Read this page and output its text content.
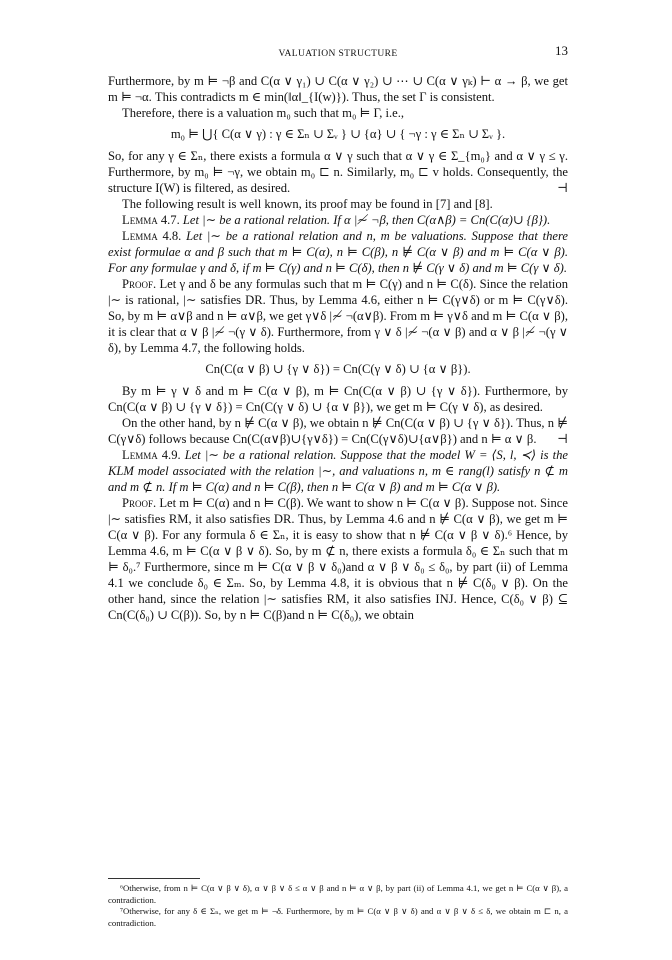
VALUATION STRUCTURE	13

Furthermore, by m ⊨ ¬β and C(α ∨ γ₁) ∪ C(α ∨ γ₂) ∪ ⋯ ∪ C(α ∨ γₖ) ⊢ α → β, we get m ⊨ ¬α. This contradicts m ∈ min(‖α‖_{I(w)}). Thus, the set Γ is consistent.

Therefore, there is a valuation m₀ such that m₀ ⊨ Γ, i.e.,

m₀ ⊨ ⋃{ C(α ∨ γ) : γ ∈ Σₙ ∪ Σᵥ } ∪ {α} ∪ { ¬γ : γ ∈ Σₙ ∪ Σᵥ }.

So, for any γ ∈ Σₙ, there exists a formula α ∨ γ such that α ∨ γ ∈ Σ_{m₀} and α ∨ γ ≤ γ. Furthermore, by m₀ ⊨ ¬γ, we obtain m₀ ⊏ n. Similarly, m₀ ⊏ v holds. Consequently, the structure I(W) is filtered, as desired.	⊣

The following result is well known, its proof may be found in [7] and [8].

Lemma 4.7. Let |∼ be a rational relation. If α |≁ ¬β, then C(α∧β) = Cn(C(α)∪ {β}).

Lemma 4.8. Let |∼ be a rational relation and n, m be valuations. Suppose that there exist formulae α and β such that m ⊨ C(α), n ⊨ C(β), n ⊭ C(α ∨ β) and m ⊨ C(α ∨ β). For any formulae γ and δ, if m ⊨ C(γ) and n ⊨ C(δ), then n ⊭ C(γ ∨ δ) and m ⊨ C(γ ∨ δ).

Proof. Let γ and δ be any formulas such that m ⊨ C(γ) and n ⊨ C(δ). Since the relation |∼ is rational, |∼ satisfies DR. Thus, by Lemma 4.6, either n ⊨ C(γ∨δ) or m ⊨ C(γ∨δ). So, by m ⊨ α∨β and n ⊨ α∨β, we get γ∨δ |≁ ¬(α∨β). From m ⊨ γ∨δ and m ⊨ C(α ∨ β), it is clear that α ∨ β |≁ ¬(γ ∨ δ). Furthermore, from γ ∨ δ |≁ ¬(α ∨ β) and α ∨ β |≁ ¬(γ ∨ δ), by Lemma 4.7, the following holds.

Cn(C(α ∨ β) ∪ {γ ∨ δ}) = Cn(C(γ ∨ δ) ∪ {α ∨ β}).

By m ⊨ γ ∨ δ and m ⊨ C(α ∨ β), m ⊨ Cn(C(α ∨ β) ∪ {γ ∨ δ}). Furthermore, by Cn(C(α ∨ β) ∪ {γ ∨ δ}) = Cn(C(γ ∨ δ) ∪ {α ∨ β}), we get m ⊨ C(γ ∨ δ), as desired.

On the other hand, by n ⊭ C(α ∨ β), we obtain n ⊭ Cn(C(α ∨ β) ∪ {γ ∨ δ}). Thus, n ⊭ C(γ∨δ) follows because Cn(C(α∨β)∪{γ∨δ}) = Cn(C(γ∨δ)∪{α∨β}) and n ⊨ α ∨ β.	⊣

Lemma 4.9. Let |∼ be a rational relation. Suppose that the model W = ⟨S, l, ≺⟩ is the KLM model associated with the relation |∼, and valuations n, m ∈ rang(l) satisfy n ⊄ m and m ⊄ n. If m ⊨ C(α) and n ⊨ C(β), then n ⊨ C(α ∨ β) and m ⊨ C(α ∨ β).

Proof. Let m ⊨ C(α) and n ⊨ C(β). We want to show n ⊨ C(α ∨ β). Suppose not. Since |∼ satisfies RM, it also satisfies DR. Thus, by Lemma 4.6 and n ⊭ C(α ∨ β), we get m ⊨ C(α ∨ β). For any formula δ ∈ Σₙ, it is easy to show that n ⊭ C(α ∨ β ∨ δ).⁶ Hence, by Lemma 4.6, m ⊨ C(α ∨ β ∨ δ). So, by m ⊄ n, there exists a formula δ₀ ∈ Σₙ such that m ⊨ δ₀.⁷ Furthermore, since m ⊨ C(α ∨ β ∨ δ₀)and α ∨ β ∨ δ₀ ≤ δ₀, by part (ii) of Lemma 4.1 we conclude δ₀ ∈ Σₘ. So, by Lemma 4.8, it is obvious that n ⊭ C(δ₀ ∨ β). On the other hand, since the relation |∼ satisfies RM, it also satisfies INJ. Hence, C(δ₀ ∨ β) ⊆ Cn(C(δ₀) ∪ C(β)). So, by n ⊨ C(β)and n ⊨ C(δ₀), we obtain

⁶Otherwise, from n ⊨ C(α ∨ β ∨ δ), α ∨ β ∨ δ ≤ α ∨ β and n ⊨ α ∨ β, by part (ii) of Lemma 4.1, we get n ⊨ C(α ∨ β), a contradiction.

⁷Otherwise, for any δ ∈ Σₙ, we get m ⊨ ¬δ. Furthermore, by m ⊨ C(α ∨ β ∨ δ) and α ∨ β ∨ δ ≤ δ, we obtain m ⊏ n, a contradiction.
